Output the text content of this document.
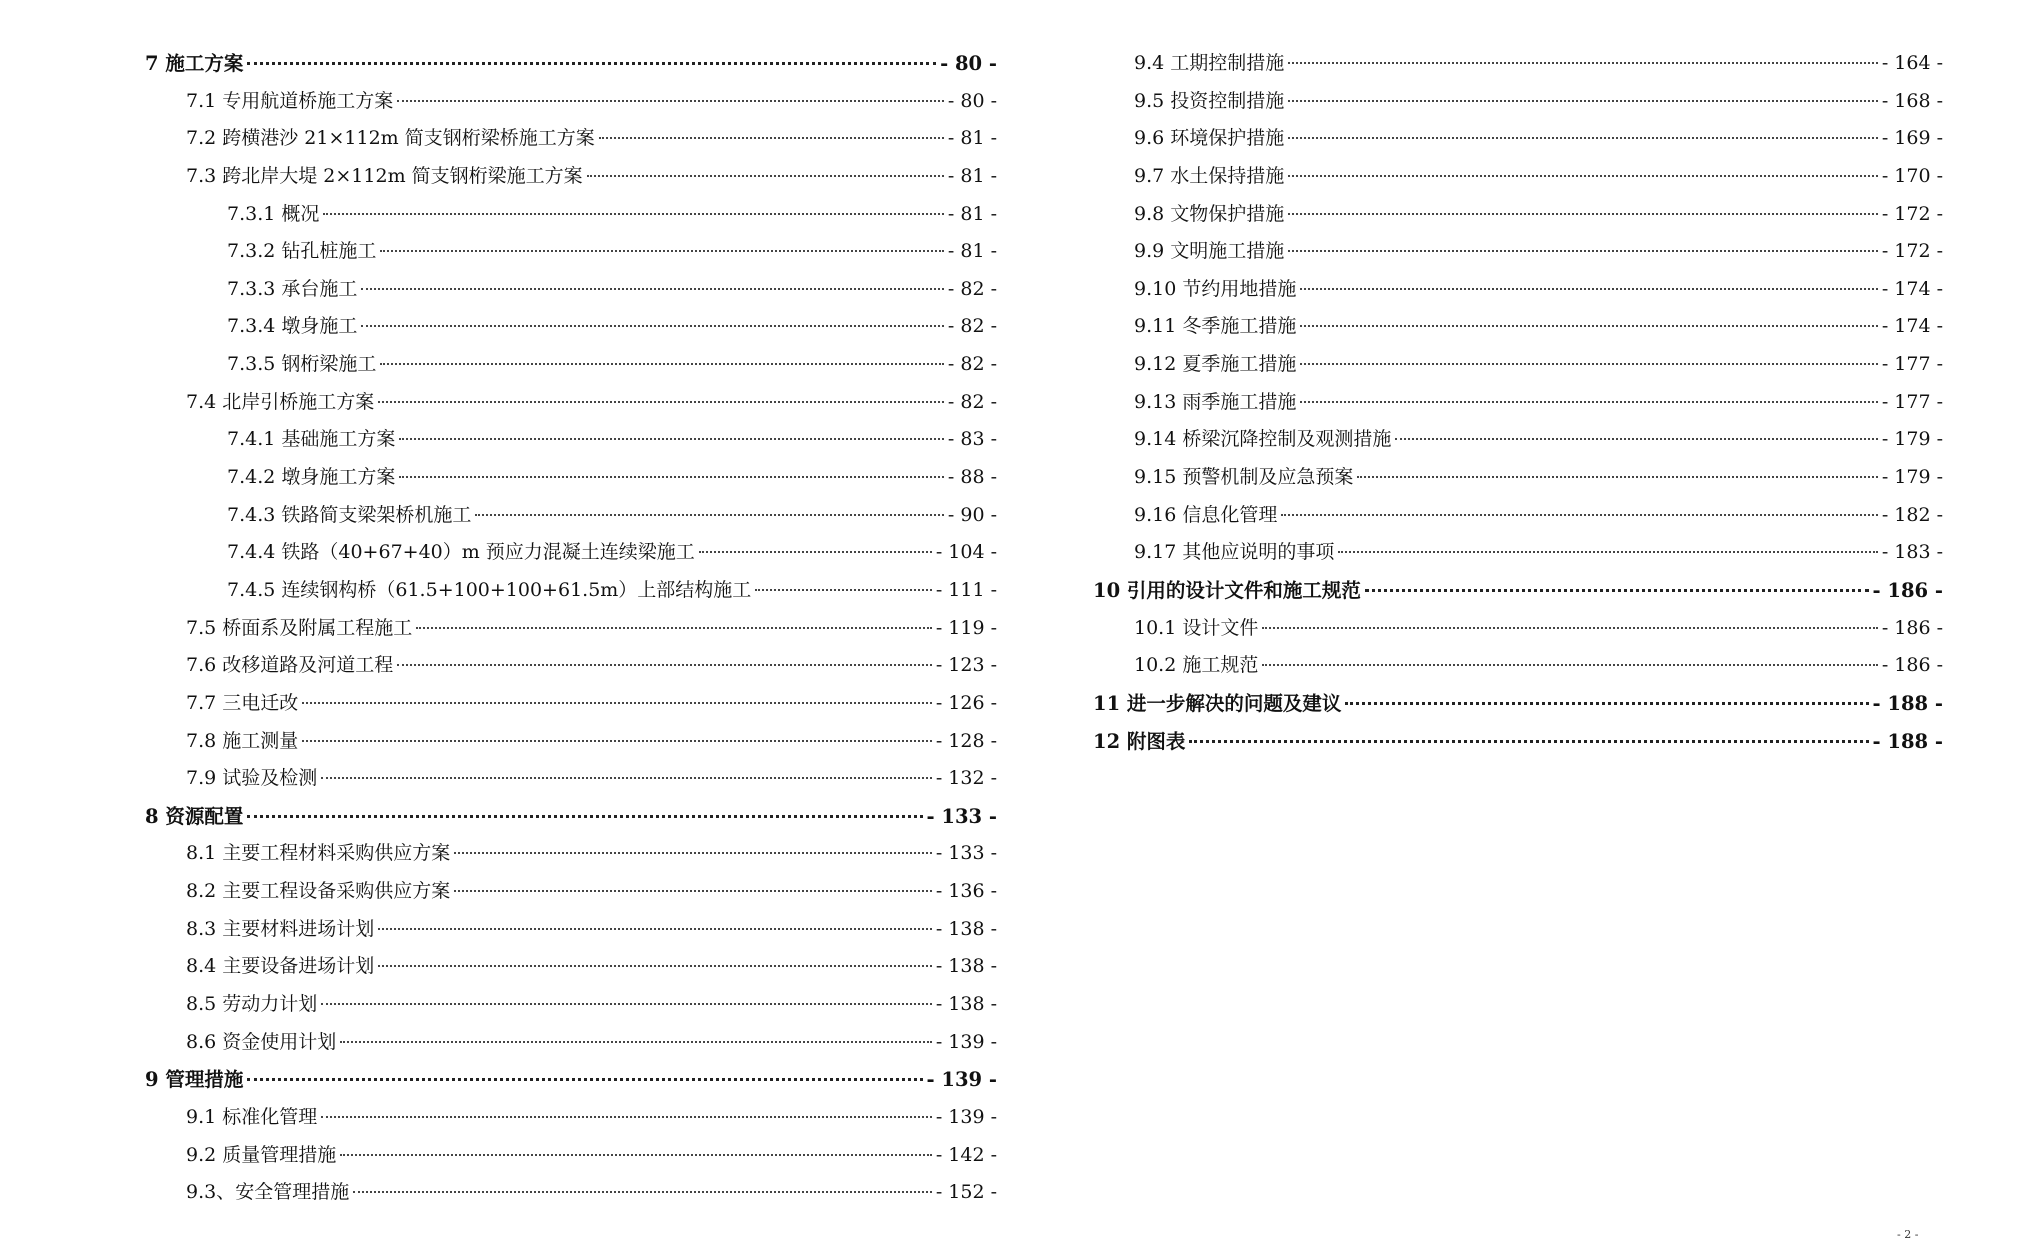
7 施工方案	- 80 -
7.1 专用航道桥施工方案	- 80 -
7.2 跨横港沙 21×112m 简支钢桁梁桥施工方案	- 81 -
7.3 跨北岸大堤 2×112m 简支钢桁梁施工方案	- 81 -
7.3.1 概况	- 81 -
7.3.2 钻孔桩施工	- 81 -
7.3.3 承台施工	- 82 -
7.3.4 墩身施工	- 82 -
7.3.5 钢桁梁施工	- 82 -
7.4 北岸引桥施工方案	- 82 -
7.4.1 基础施工方案	- 83 -
7.4.2 墩身施工方案	- 88 -
7.4.3 铁路简支梁架桥机施工	- 90 -
7.4.4 铁路（40+67+40）m 预应力混凝土连续梁施工	- 104 -
7.4.5 连续钢构桥（61.5+100+100+61.5m）上部结构施工	- 111 -
7.5 桥面系及附属工程施工	- 119 -
7.6 改移道路及河道工程	- 123 -
7.7 三电迁改	- 126 -
7.8 施工测量	- 128 -
7.9 试验及检测	- 132 -
8 资源配置	- 133 -
8.1 主要工程材料采购供应方案	- 133 -
8.2 主要工程设备采购供应方案	- 136 -
8.3 主要材料进场计划	- 138 -
8.4 主要设备进场计划	- 138 -
8.5 劳动力计划	- 138 -
8.6 资金使用计划	- 139 -
9 管理措施	- 139 -
9.1 标准化管理	- 139 -
9.2 质量管理措施	- 142 -
9.3、安全管理措施	- 152 -
9.4 工期控制措施	- 164 -
9.5 投资控制措施	- 168 -
9.6 环境保护措施	- 169 -
9.7 水土保持措施	- 170 -
9.8 文物保护措施	- 172 -
9.9 文明施工措施	- 172 -
9.10 节约用地措施	- 174 -
9.11 冬季施工措施	- 174 -
9.12 夏季施工措施	- 177 -
9.13 雨季施工措施	- 177 -
9.14 桥梁沉降控制及观测措施	- 179 -
9.15 预警机制及应急预案	- 179 -
9.16 信息化管理	- 182 -
9.17 其他应说明的事项	- 183 -
10 引用的设计文件和施工规范	- 186 -
10.1 设计文件	- 186 -
10.2 施工规范	- 186 -
11 进一步解决的问题及建议	- 188 -
12 附图表	- 188 -
- 2 -
